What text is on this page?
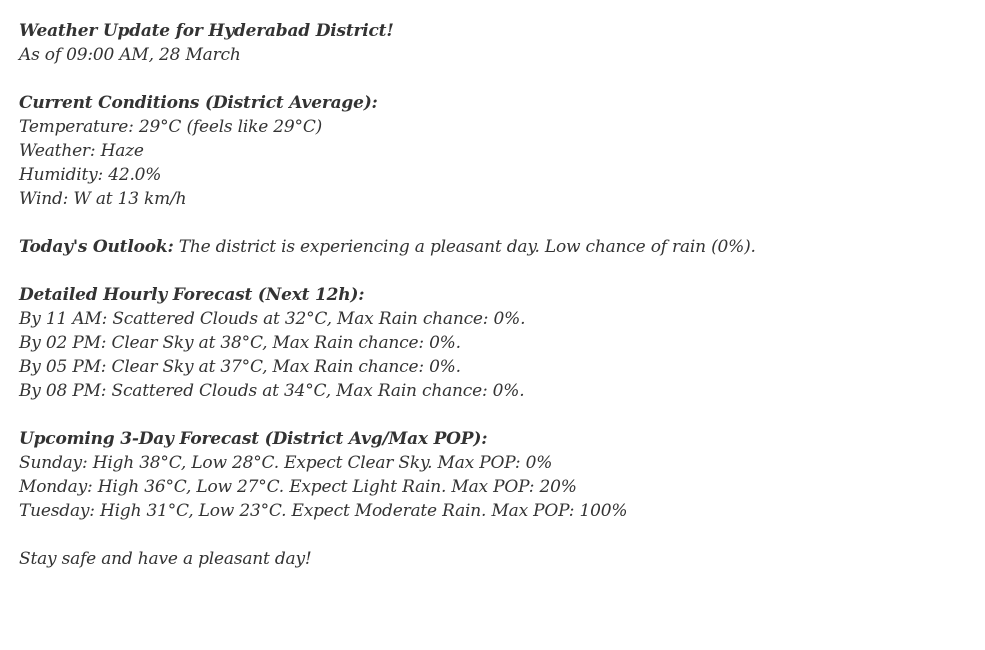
Weather Update for Hyderabad District!
As of 09:00 AM, 28 March
Current Conditions (District Average):
Temperature: 29°C (feels like 29°C)
Weather: Haze
Humidity: 42.0%
Wind: W at 13 km/h
Today's Outlook: The district is experiencing a pleasant day. Low chance of rain (0%).
Detailed Hourly Forecast (Next 12h):
By 11 AM: Scattered Clouds at 32°C, Max Rain chance: 0%.
By 02 PM: Clear Sky at 38°C, Max Rain chance: 0%.
By 05 PM: Clear Sky at 37°C, Max Rain chance: 0%.
By 08 PM: Scattered Clouds at 34°C, Max Rain chance: 0%.
Upcoming 3-Day Forecast (District Avg/Max POP):
Sunday: High 38°C, Low 28°C. Expect Clear Sky. Max POP: 0%
Monday: High 36°C, Low 27°C. Expect Light Rain. Max POP: 20%
Tuesday: High 31°C, Low 23°C. Expect Moderate Rain. Max POP: 100%
Stay safe and have a pleasant day!
